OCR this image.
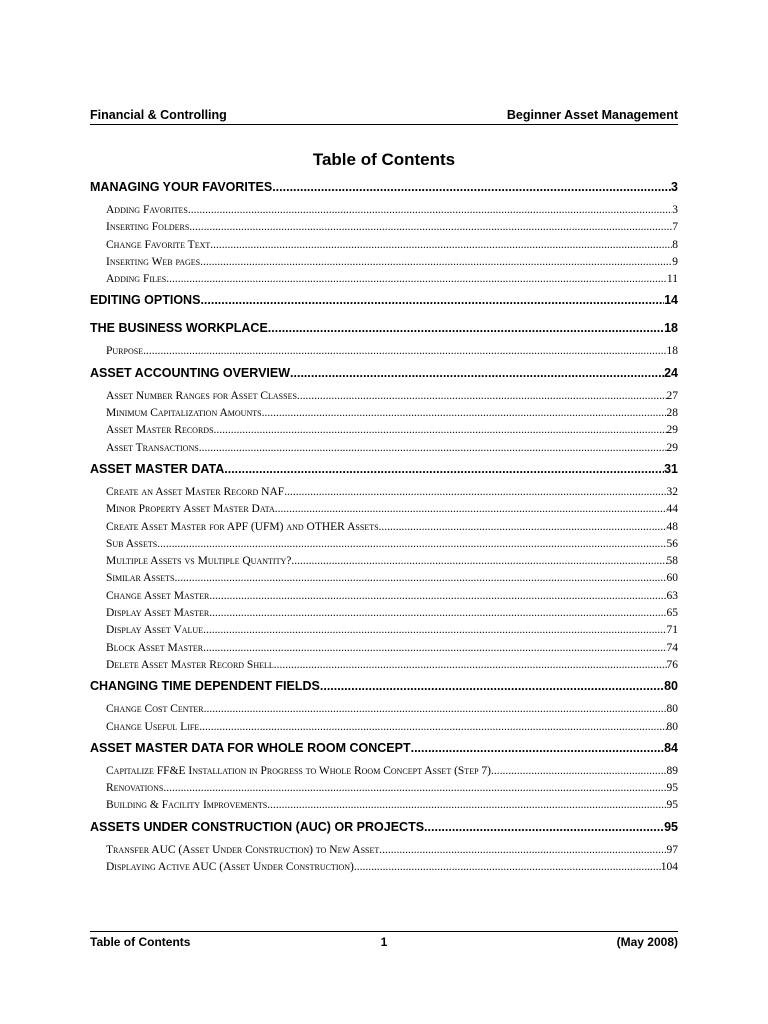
Financial & Controlling	Beginner Asset Management
Table of Contents
MANAGING YOUR FAVORITES .....	3
Adding Favorites .....	3
Inserting Folders .....	7
Change Favorite Text .....	8
Inserting Web pages .....	9
Adding Files .....	11
EDITING OPTIONS .....	14
THE BUSINESS WORKPLACE .....	18
Purpose .....	18
ASSET ACCOUNTING OVERVIEW .....	24
Asset Number Ranges for Asset Classes .....	27
Minimum Capitalization Amounts .....	28
Asset Master Records .....	29
Asset Transactions .....	29
ASSET MASTER DATA .....	31
Create an Asset Master Record NAF .....	32
Minor Property Asset Master Data .....	44
Create Asset Master for APF (UFM) and OTHER Assets .....	48
Sub Assets .....	56
Multiple Assets vs Multiple Quantity? .....	58
Similar Assets .....	60
Change Asset Master .....	63
Display Asset Master .....	65
Display Asset Value .....	71
Block Asset Master .....	74
Delete Asset Master Record Shell .....	76
CHANGING TIME DEPENDENT FIELDS .....	80
Change Cost Center .....	80
Change Useful Life .....	80
ASSET MASTER DATA FOR WHOLE ROOM CONCEPT .....	84
Capitalize FF&E Installation in Progress to Whole Room Concept Asset (Step 7) .....	89
Renovations .....	95
Building & Facility Improvements .....	95
ASSETS UNDER CONSTRUCTION (AUC) OR PROJECTS .....	95
Transfer AUC (Asset Under Construction) to New Asset .....	97
Displaying Active AUC (Asset Under Construction) .....	104
Table of Contents	1	(May 2008)
